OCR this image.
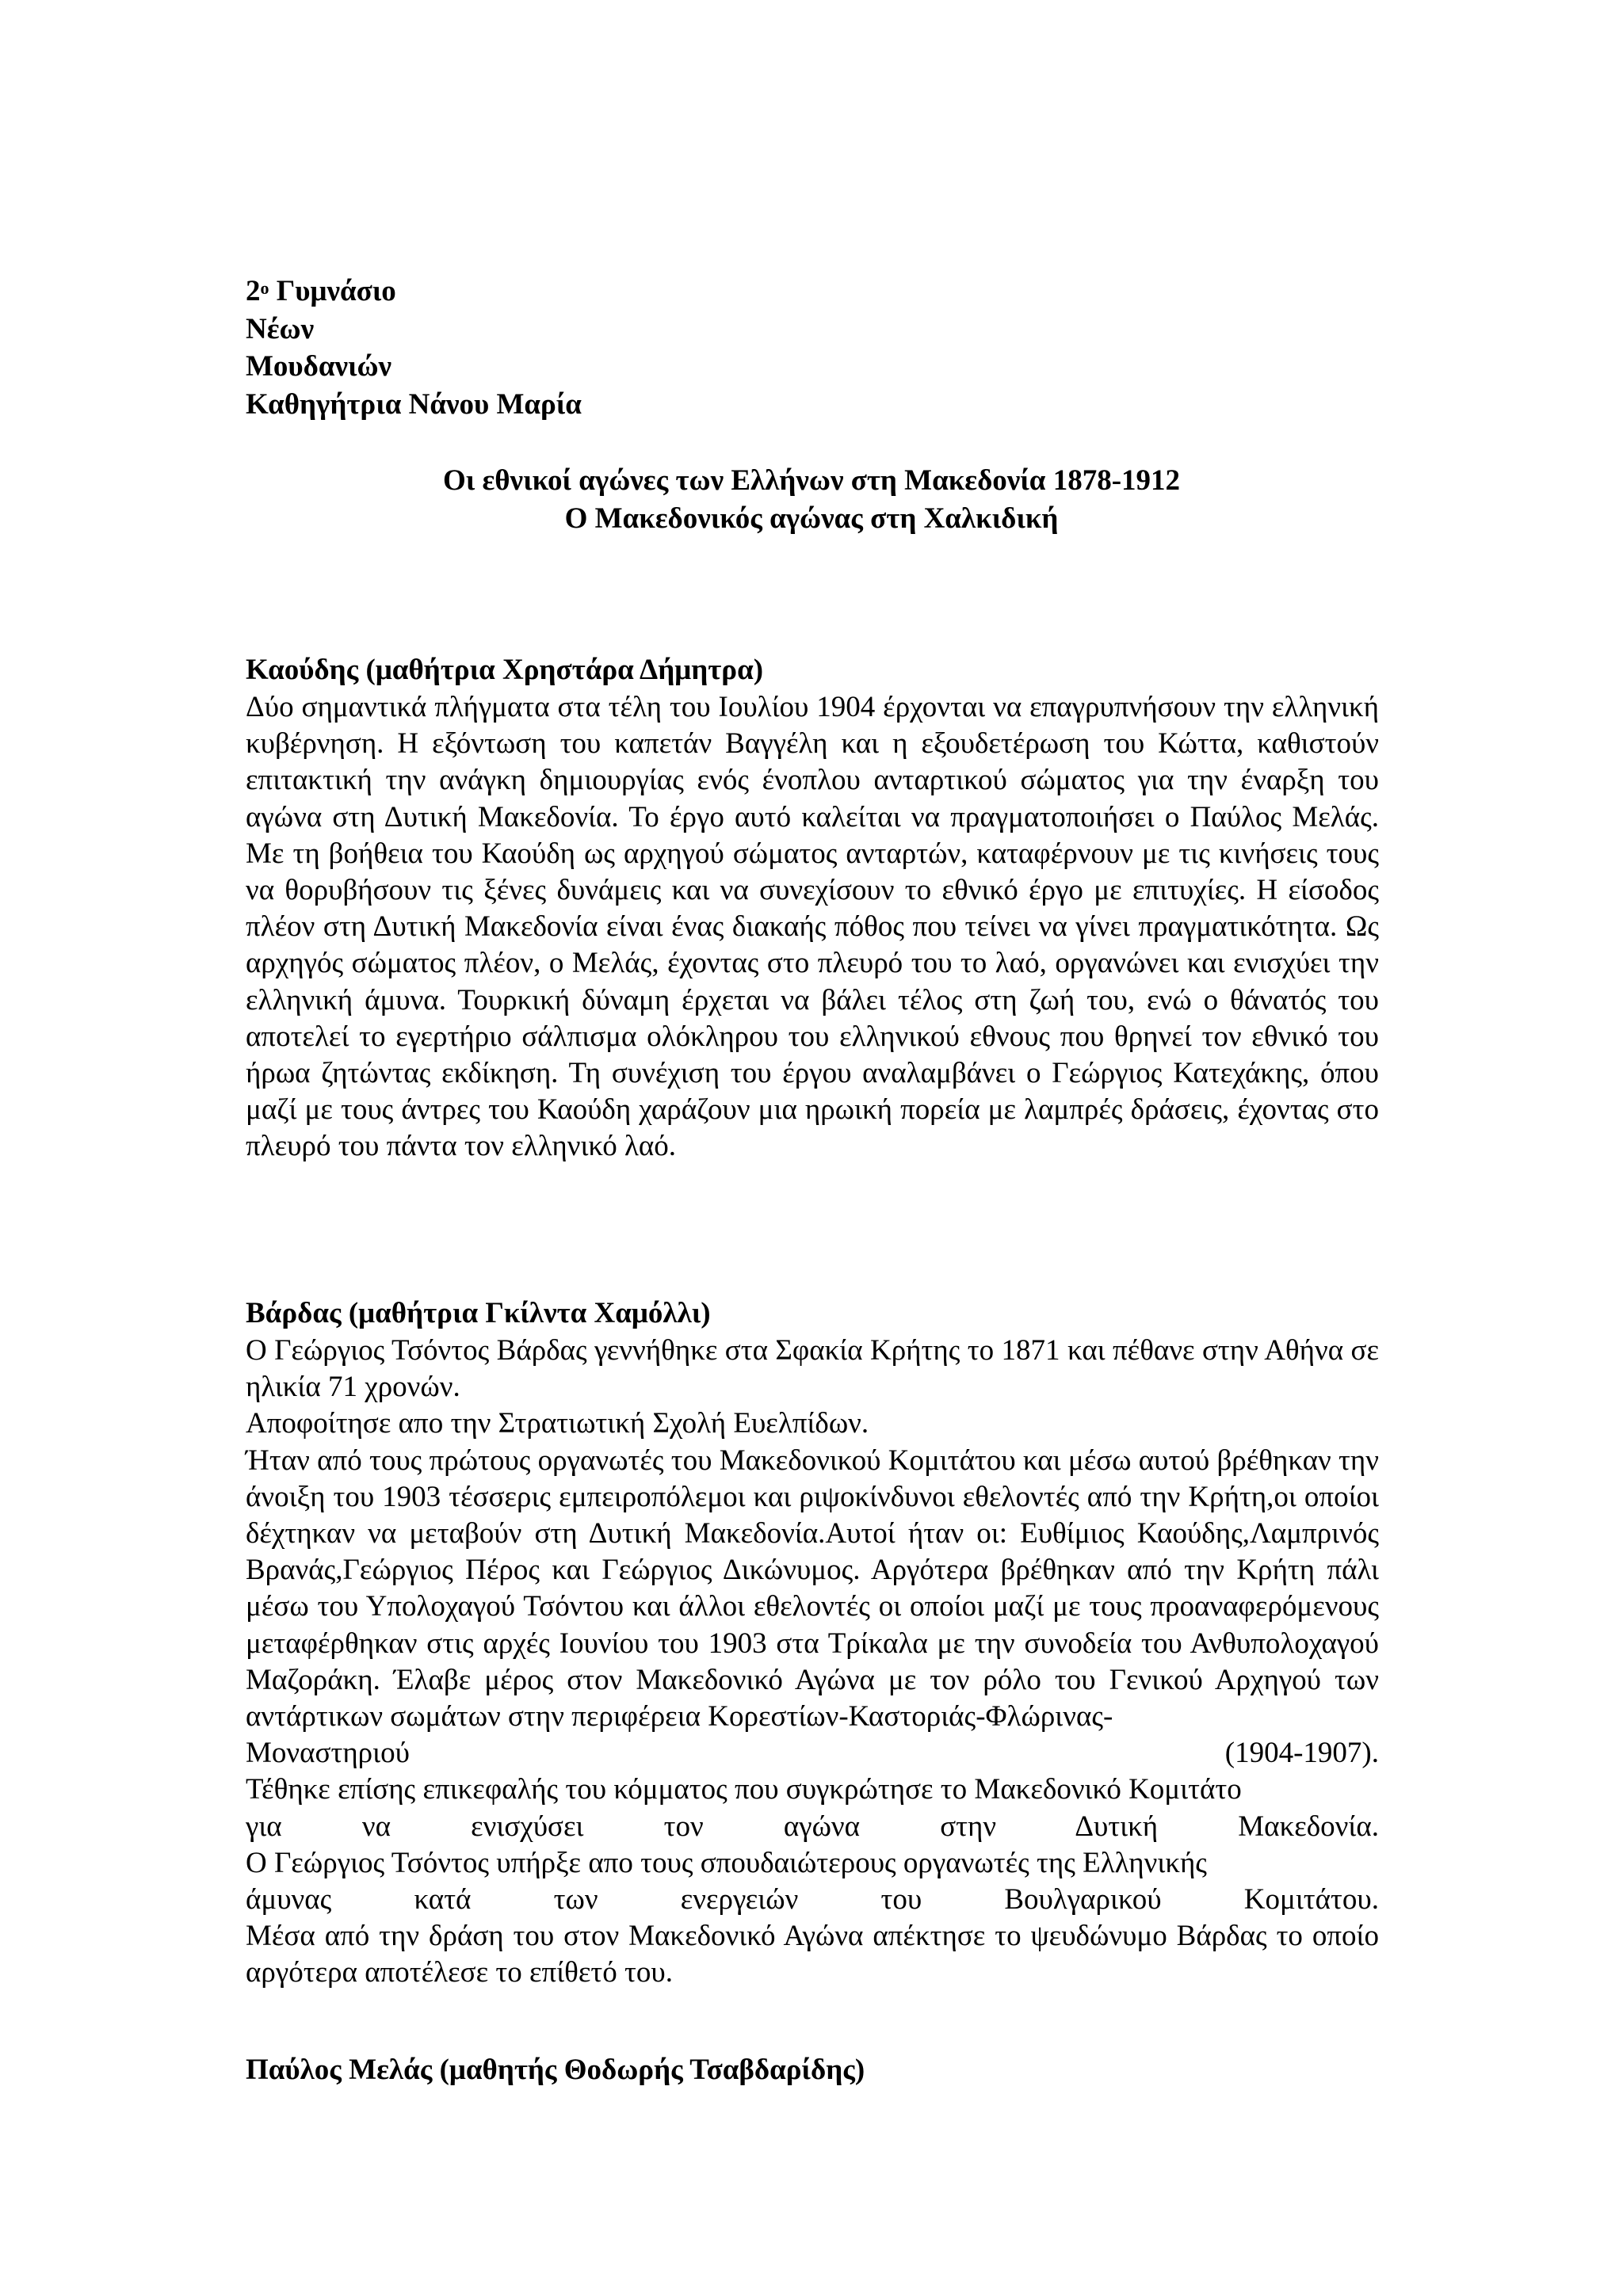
$2^o$ Γυμνάσιο
Νέων
Μουδανιών
Καθηγήτρια Νάνου Μαρία
Οι εθνικοί αγώνες των Ελλήνων στη Μακεδονία 1878-1912
Ο Μακεδονικός αγώνας στη Χαλκιδική
Καούδης (μαθήτρια Χρηστάρα Δήμητρα)

Δύο σημαντικά πλήγματα στα τέλη του Ιουλίου 1904 έρχονται να επαγρυπνήσουν την ελληνική κυβέρνηση. Η εξόντωση του καπετάν Βαγγέλη και η εξουδετέρωση του Κώττα, καθιστούν επιτακτική την ανάγκη δημιουργίας ενός ένοπλου ανταρτικού σώματος για την έναρξη του αγώνα στη Δυτική Μακεδονία. Το έργο αυτό καλείται να πραγματοποιήσει ο Παύλος Μελάς. Με τη βοήθεια του Καούδη ως αρχηγού σώματος ανταρτών, καταφέρνουν με τις κινήσεις τους να θορυβήσουν τις ξένες δυνάμεις και να συνεχίσουν το εθνικό έργο με επιτυχίες. Η είσοδος πλέον στη Δυτική Μακεδονία είναι ένας διακαής πόθος που τείνει να γίνει πραγματικότητα. Ως αρχηγός σώματος πλέον, ο Μελάς, έχοντας στο πλευρό του το λαό, οργανώνει και ενισχύει την ελληνική άμυνα. Τουρκική δύναμη έρχεται να βάλει τέλος στη ζωή του, ενώ ο θάνατός του αποτελεί το εγερτήριο σάλπισμα ολόκληρου του ελληνικού εθνους που θρηνεί τον εθνικό του ήρωα ζητώντας εκδίκηση. Τη συνέχιση του έργου αναλαμβάνει ο Γεώργιος Κατεχάκης, όπου μαζί με τους άντρες του Καούδη χαράζουν μια ηρωική πορεία με λαμπρές δράσεις, έχοντας στο πλευρό του πάντα τον ελληνικό λαό.

Βάρδας (μαθήτρια Γκίλντα Χαμόλλι)

Ο Γεώργιος Τσόντος Βάρδας γεννήθηκε στα Σφακία Κρήτης το 1871 και πέθανε στην Αθήνα σε ηλικία 71 χρονών.

Αποφοίτησε απο την Στρατιωτική Σχολή Ευελπίδων.

Ήταν από τους πρώτους οργανωτές του Μακεδονικού Κομιτάτου και μέσω αυτού βρέθηκαν την άνοιξη του 1903 τέσσερις εμπειροπόλεμοι και ριψοκίνδυνοι εθελοντές από την Κρήτη,οι οποίοι δέχτηκαν να μεταβούν στη Δυτική Μακεδονία.Αυτοί ήταν οι: Ευθίμιος Καούδης,Λαμπρινός Βρανάς,Γεώργιος Πέρος και Γεώργιος Δικώνυμος. Αργότερα βρέθηκαν από την Κρήτη πάλι μέσω του Υπολοχαγού Τσόντου και άλλοι εθελοντές οι οποίοι μαζί με τους προαναφερόμενους μεταφέρθηκαν στις αρχές Ιουνίου του 1903 στα Τρίκαλα με την συνοδεία του Ανθυπολοχαγού Μαζοράκη. Έλαβε μέρος στον Μακεδονικό Αγώνα με τον ρόλο του Γενικού Αρχηγού των αντάρτικων σωμάτων στην περιφέρεια Κορεστίων-Καστοριάς-Φλώρινας-

Μοναστηριού	(1904-1907).

Τέθηκε επίσης επικεφαλής του κόμματος που συγκρώτησε το Μακεδονικό Κομιτάτο

για να ενισχύσει τον αγώνα στην Δυτική Μακεδονία.

Ο Γεώργιος Τσόντος υπήρξε απο τους σπουδαιώτερους οργανωτές της Ελληνικής

άμυνας κατά των ενεργειών του Βουλγαρικού Κομιτάτου.

Μέσα από την δράση του στον Μακεδονικό Αγώνα απέκτησε το ψευδώνυμο Βάρδας το οποίο αργότερα αποτέλεσε το επίθετό του.

Παύλος Μελάς (μαθητής Θοδωρής Τσαβδαρίδης)
